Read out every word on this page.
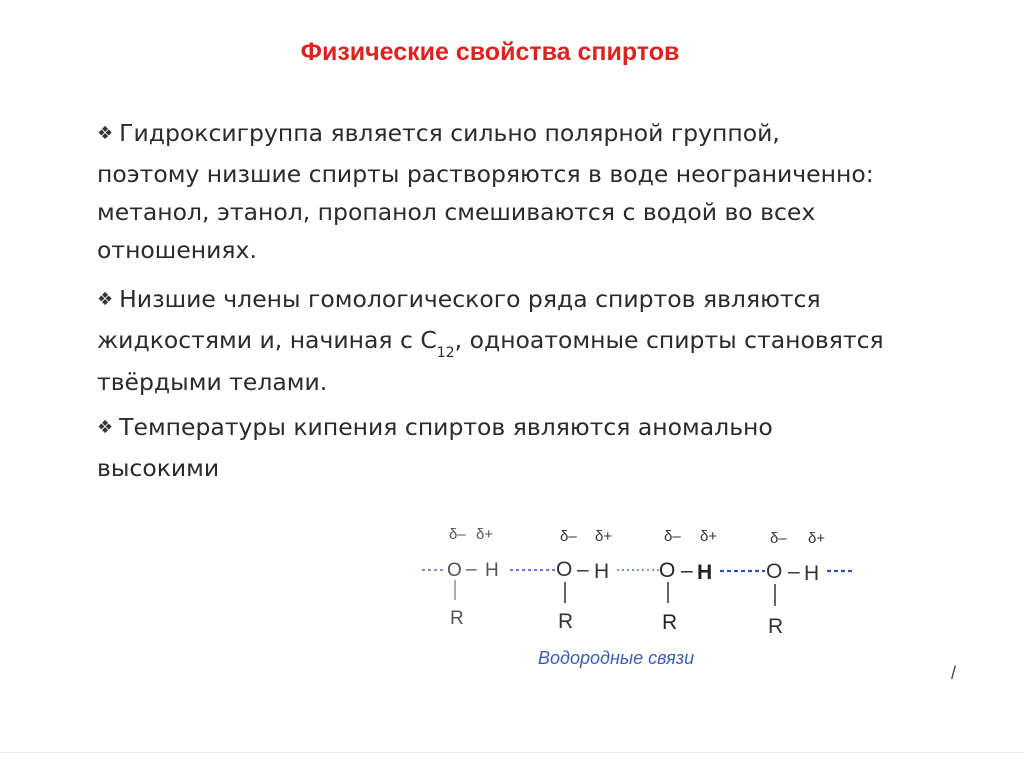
Физические свойства спиртов
❖ Гидроксигруппа является сильно полярной группой,
поэтому низшие спирты растворяются в воде неограниченно:
метанол, этанол, пропанол смешиваются с водой во всех
отношениях.
❖ Низшие члены гомологического ряда спиртов являются
жидкостями и, начиная с $С_{12}$, одноатомные спирты становятся
твёрдыми телами.
❖ Температуры кипения спиртов являются аномально
высокими
δ– δ+
O – H
R
δ– δ+
O – H
R
δ– δ+
O – H
R
δ– δ+
O – H
R
Водородные связи
/
